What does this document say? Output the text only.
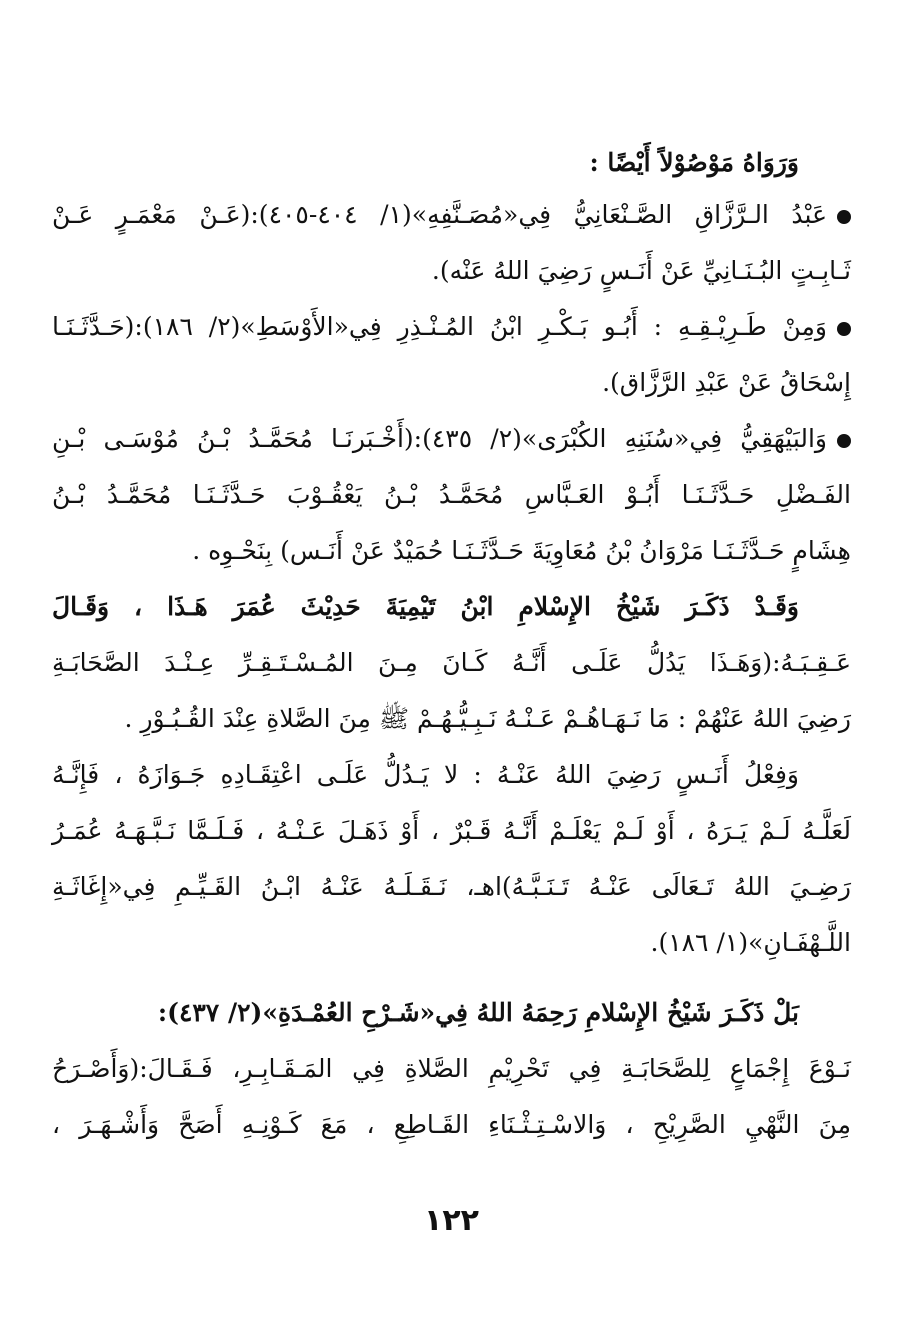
وَرَوَاهُ مَوْصُوْلاً أَيْضًا :
عَبْدُ الـرَّزَّاقِ الصَّـنْعَانِيُّ فِي«مُصَـنَّفِهِ»(١/ ٤٠٤-٤٠٥):(عَـنْ مَعْمَـرٍ عَـنْ
ثَـابِـتٍ البُـنَـانِيِّ عَنْ أَنَـسٍ رَضِيَ اللهُ عَنْه).
وَمِنْ طَـرِيْـقِـهِ : أَبُـو بَـكْـرِ ابْنُ المُـنْـذِرِ فِي«الأَوْسَطِ»(٢/ ١٨٦):(حَـدَّثَـنَـا
إِسْحَاقُ عَنْ عَبْدِ الرَّزَّاق).
وَالبَيْهَقِيُّ فِي«سُنَنِهِ الكُبْرَى»(٢/ ٤٣٥):(أَخْـبَرنَـا مُحَمَّـدُ بْـنُ مُوْسَـى بْـنِ
الفَـضْلِ حَـدَّثَـنَـا أَبُـوْ العَـبَّاسِ مُحَمَّـدُ بْـنُ يَعْقُـوْبَ حَـدَّثَـنَـا مُحَمَّـدُ بْـنُ
هِشَامٍ حَـدَّثَـنَـا مَرْوَانُ بْنُ مُعَاوِيَةَ حَـدَّثَـنَـا حُمَيْدٌ عَنْ أَنَـس) بِنَحْـوِه .
وَقَـدْ ذَكَـرَ شَيْخُ الإِسْلامِ ابْنُ تَيْمِيَةَ حَدِيْثَ عُمَرَ هَـذَا ، وَقَـالَ
عَـقِـبَـهُ:(وَهَـذَا يَدُلُّ عَلَـى أَنَّـهُ كَـانَ مِـنَ المُـسْـتَـقِـرِّ عِـنْـدَ الصَّحَابَـةِ
رَضِيَ اللهُ عَنْهُمْ : مَا نَـهَـاهُـمْ عَـنْـهُ نَـبِـيُّـهُـمْ ﷺ مِنَ الصَّلاةِ عِنْدَ القُـبُـوْرِ .
وَفِعْلُ أَنَـسٍ رَضِيَ اللهُ عَنْـهُ : لا يَـدُلُّ عَلَـى اعْتِقَـادِهِ جَـوَازَهُ ، فَإِنَّـهُ
لَعَلَّـهُ لَـمْ يَـرَهُ ، أَوْ لَـمْ يَعْلَـمْ أَنَّـهُ قَـبْرٌ ، أَوْ ذَهَـلَ عَـنْـهُ ، فَـلَـمَّا نَـبَّـهَـهُ عُمَـرُ
رَضِـيَ اللهُ تَـعَالَى عَنْـهُ تَـنَـبَّـهُ)اهـ، نَـقَـلَـهُ عَنْـهُ ابْـنُ القَـيِّـمِ فِي«إِغَاثَـةِ
اللَّـهْفَـانِ»(١/ ١٨٦).
بَلْ ذَكَـرَ شَيْخُ الإِسْلامِ رَحِمَهُ اللهُ فِي«شَـرْحِ العُمْـدَةِ»(٢/ ٤٣٧):
نَـوْعَ إِجْمَاعٍ لِلصَّحَابَـةِ فِي تَحْرِيْمِ الصَّلاةِ فِي المَـقَـابِـرِ، فَـقَـالَ:(وَأَصْـرَحُ
مِنَ النَّهْيِ الصَّرِيْحِ ، وَالاسْـتِـثْـنَاءِ القَـاطِعِ ، مَعَ كَـوْنِـهِ أَصَحَّ وَأَشْـهَـرَ ،
١٢٢
